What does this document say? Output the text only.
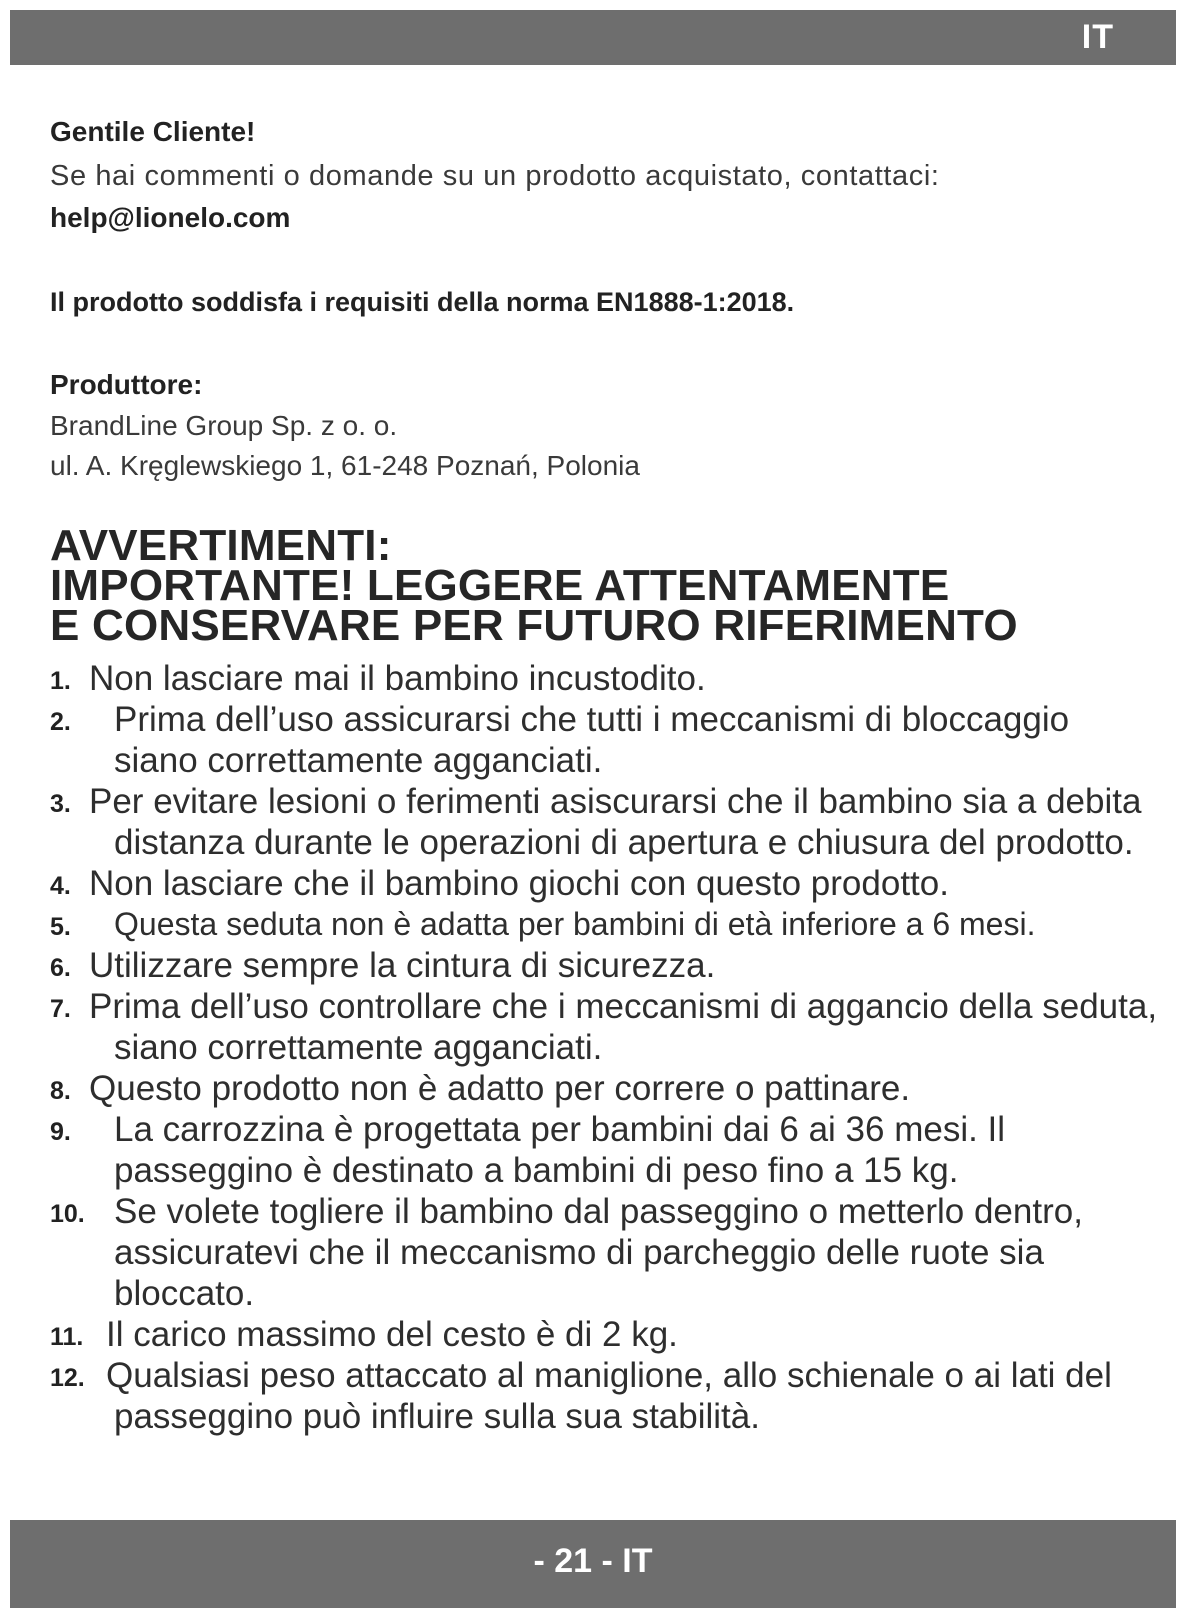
IT
Gentile Cliente!
Se hai commenti o domande su un prodotto acquistato, contattaci:
help@lionelo.com
Il prodotto soddisfa i requisiti della norma EN1888-1:2018.
Produttore:
BrandLine Group Sp. z o. o.
ul. A. Kręglewskiego 1, 61-248 Poznań, Polonia
AVVERTIMENTI:
IMPORTANTE! LEGGERE ATTENTAMENTE
E CONSERVARE PER FUTURO RIFERIMENTO
1. Non lasciare mai il bambino incustodito.
2.	Prima dell’uso assicurarsi che tutti i meccanismi di bloccaggio siano correttamente agganciati.
3. Per evitare lesioni o ferimenti asiscurarsi che il bambino sia a debita distanza durante le operazioni di apertura e chiusura del prodotto.
4. Non lasciare che il bambino giochi con questo prodotto.
5.	Questa seduta non è adatta per bambini di età inferiore a 6 mesi.
6. Utilizzare sempre la cintura di sicurezza.
7. Prima dell’uso controllare che i meccanismi di aggancio della seduta, siano correttamente agganciati.
8. Questo prodotto non è adatto per correre o pattinare.
9.	La carrozzina è progettata per bambini dai 6 ai 36 mesi. Il passeggino è destinato a bambini di peso fino a 15 kg.
10. Se volete togliere il bambino dal passeggino o metterlo dentro, assicuratevi che il meccanismo di parcheggio delle ruote sia bloccato.
11. Il carico massimo del cesto è di 2 kg.
12. Qualsiasi peso attaccato al maniglione, allo schienale o ai lati del passeggino può influire sulla sua stabilità.
- 21 - IT
